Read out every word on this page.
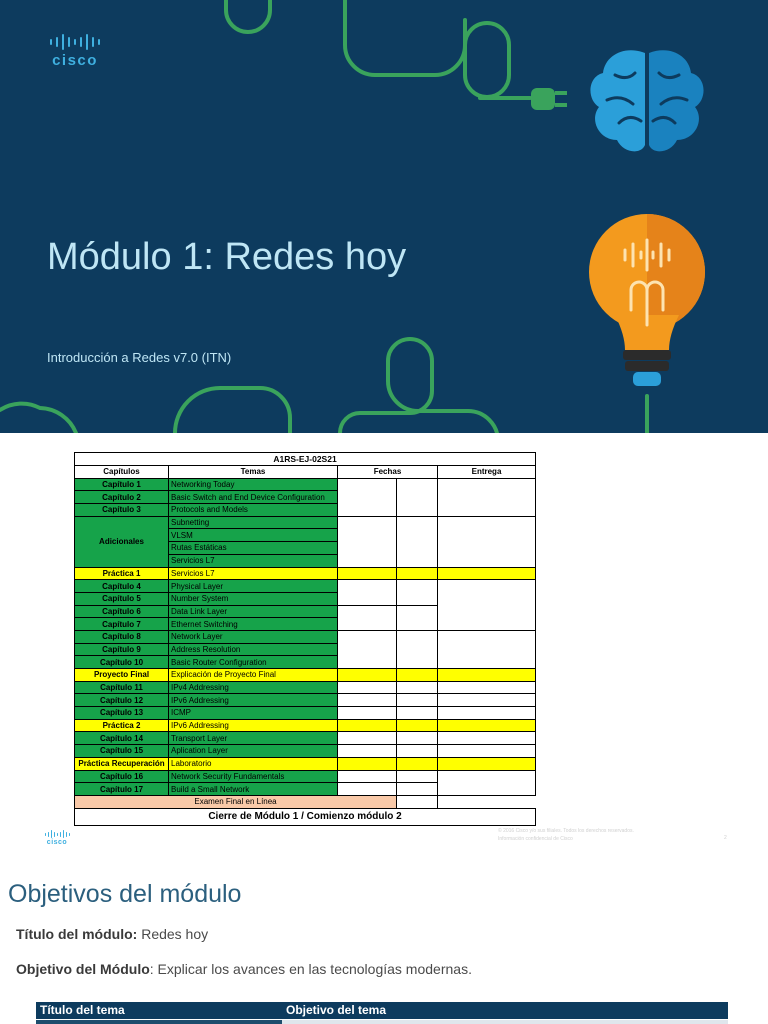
cisco
Módulo 1: Redes hoy
Introducción a Redes v7.0 (ITN)
A1RS-EJ-02S21				
Capítulos	Temas	Fechas		Entrega
Capítulo 1	Networking Today			
Capítulo 2	Basic Switch and End Device Configuration			
Capítulo 3	Protocols and Models			
Adicionales	Subnetting			
	VLSM			
	Rutas Estáticas			
	Servicios L7			
Práctica 1	Servicios L7			
Capítulo 4	Physical Layer			
Capítulo 5	Number System			
Capítulo 6	Data Link Layer			
Capítulo 7	Ethernet Switching			
Capítulo 8	Network Layer			
Capítulo 9	Address Resolution			
Capítulo 10	Basic Router Configuration			
Proyecto Final	Explicación de Proyecto Final			
Capítulo 11	IPv4 Addressing			
Capítulo 12	IPv6 Addressing			
Capítulo 13	ICMP			
Práctica 2	IPv6 Addressing			
Capítulo 14	Transport Layer			
Capítulo 15	Aplication Layer			
Práctica Recuperación	Laboratorio			
Capítulo 16	Network Security Fundamentals			
Capítulo 17	Build a Small Network			
Examen Final en Línea				
Cierre de Módulo 1 / Comienzo módulo 2				
cisco
© 2016 Cisco y/o sus filiales. Todos los derechos reservados.
Información confidencial de Cisco	2
Objetivos del módulo
Título del módulo: Redes hoy
Objetivo del Módulo: Explicar los avances en las tecnologías modernas.
Título del tema	Objetivo del tema
